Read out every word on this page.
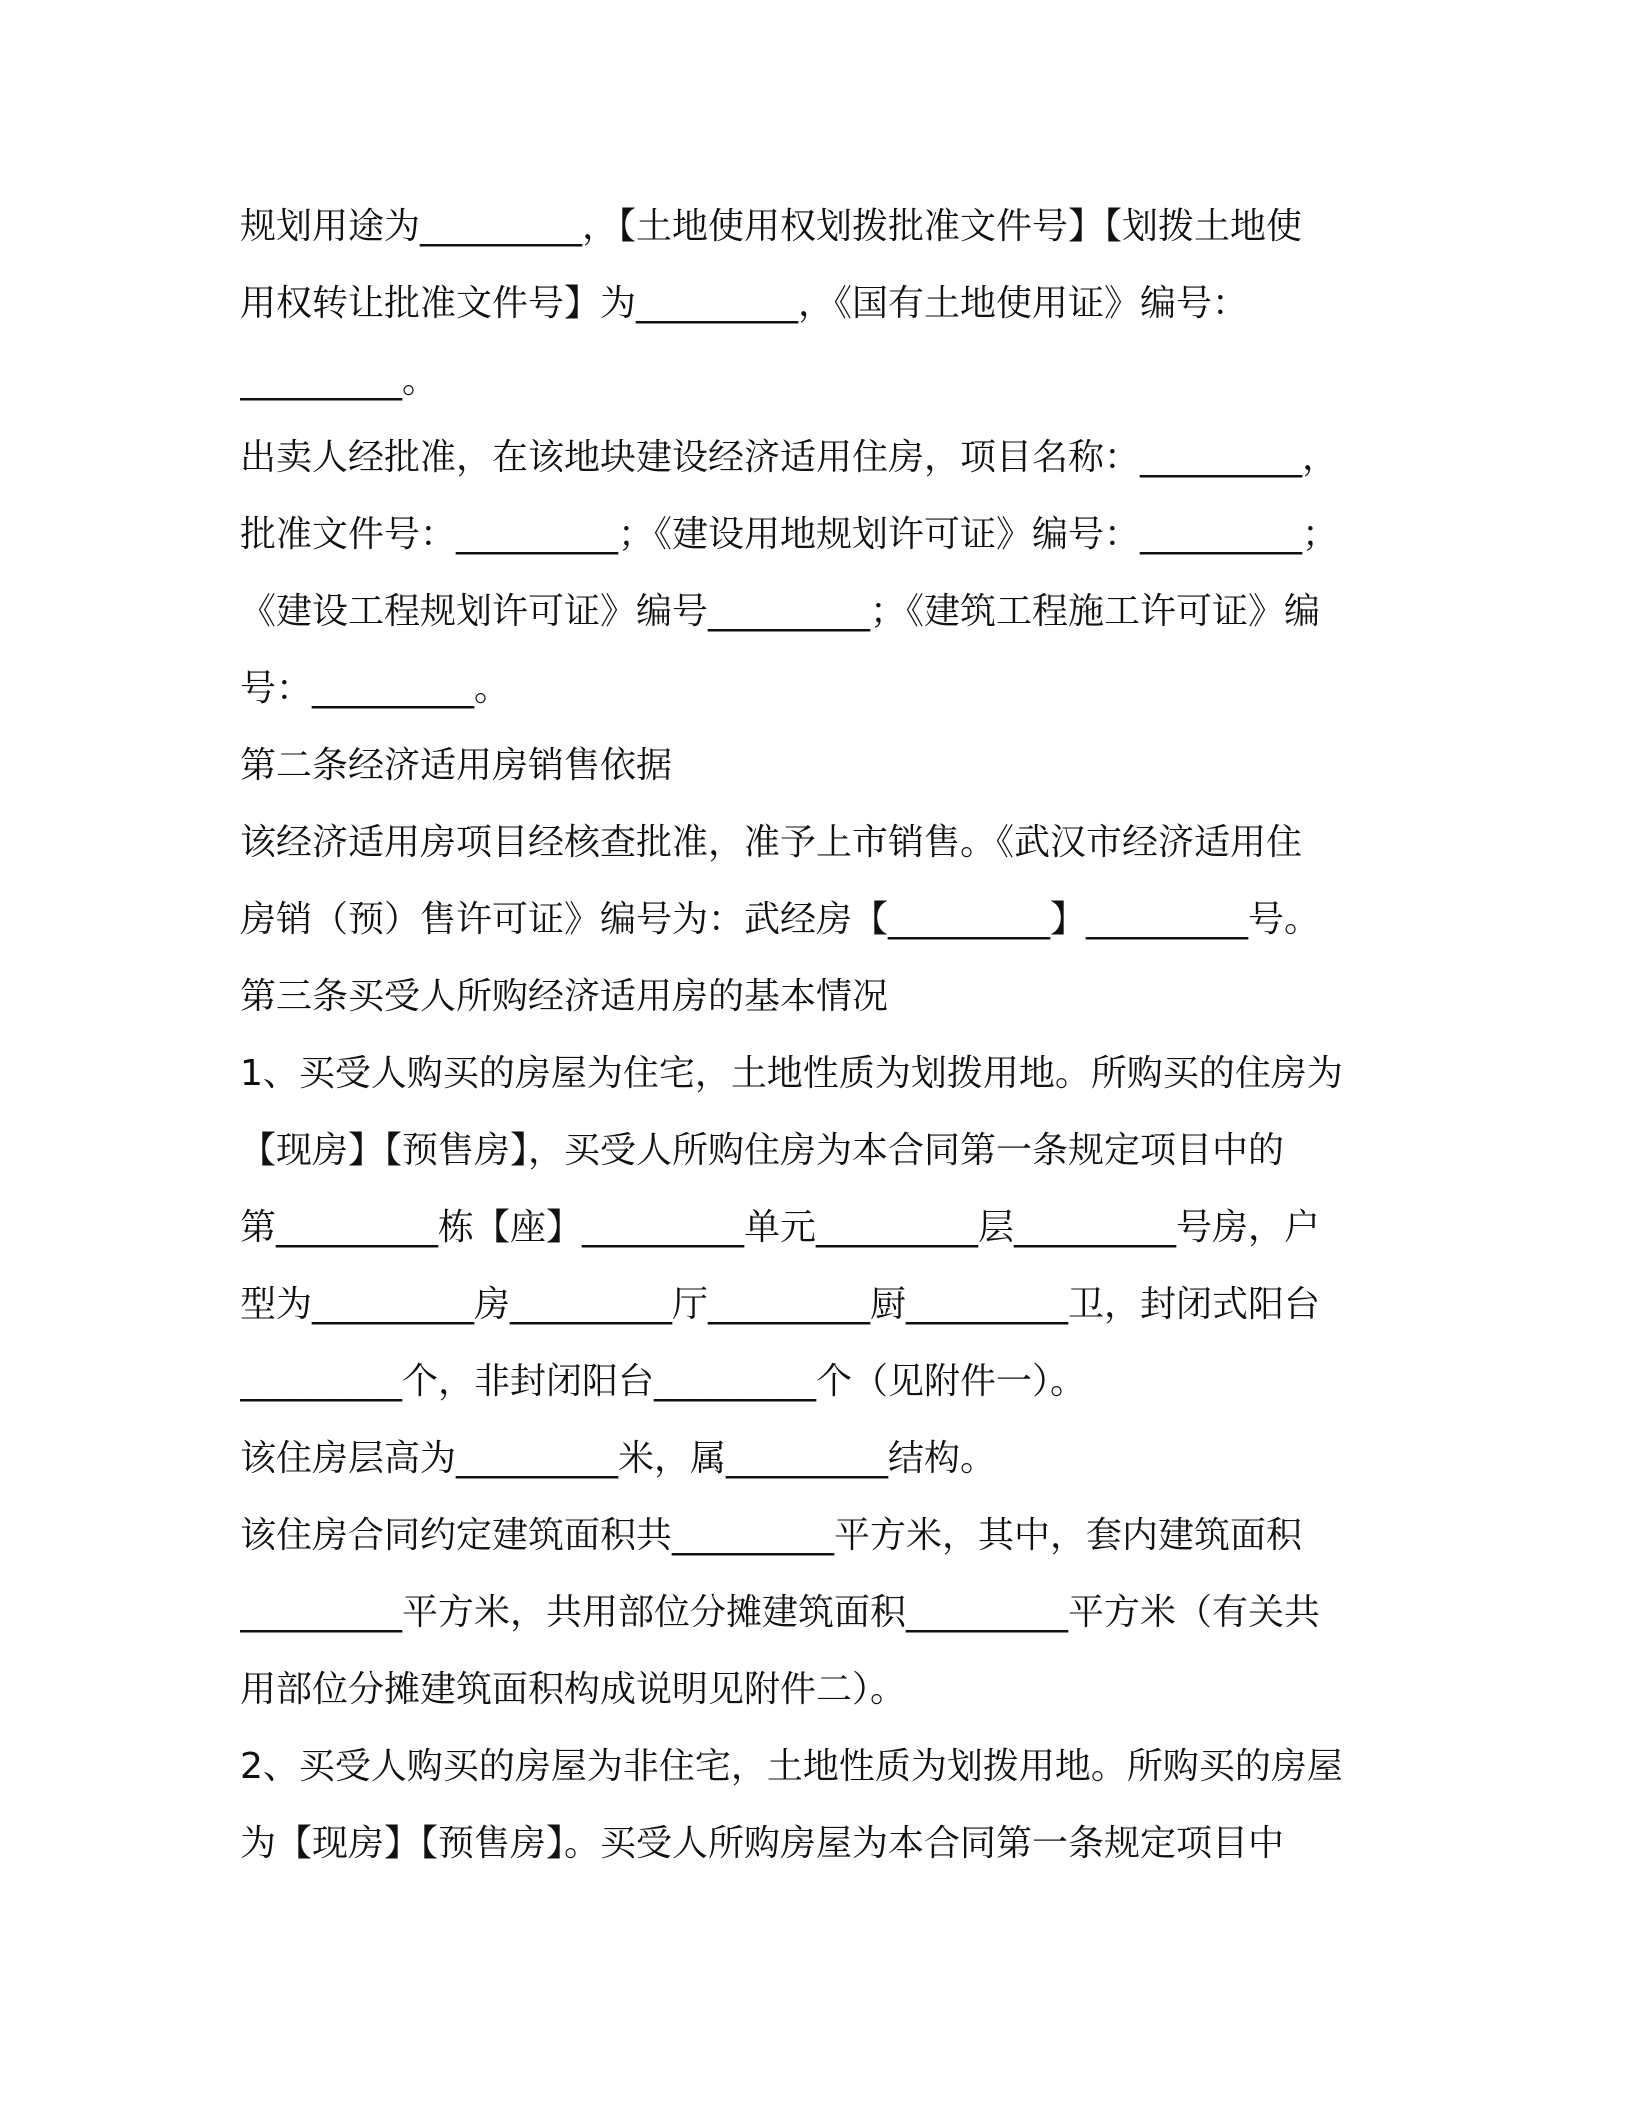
规划用途为_________，【土地使用权划拨批准文件号】【划拨土地使
用权转让批准文件号】为_________，《国有土地使用证》编号：
_________。
出卖人经批准，在该地块建设经济适用住房，项目名称：_________，
批准文件号：_________；《建设用地规划许可证》编号：_________；
《建设工程规划许可证》编号_________；《建筑工程施工许可证》编
号：_________。
第二条经济适用房销售依据
该经济适用房项目经核查批准，准予上市销售。《武汉市经济适用住
房销（预）售许可证》编号为：武经房【_________】_________号。
第三条买受人所购经济适用房的基本情况
1、买受人购买的房屋为住宅，土地性质为划拨用地。所购买的住房为
【现房】【预售房】，买受人所购住房为本合同第一条规定项目中的
第_________栋【座】_________单元_________层_________号房，户
型为_________房_________厅_________厨_________卫，封闭式阳台
_________个，非封闭阳台_________个（见附件一）。
该住房层高为_________米，属_________结构。
该住房合同约定建筑面积共_________平方米，其中，套内建筑面积
_________平方米，共用部位分摊建筑面积_________平方米（有关共
用部位分摊建筑面积构成说明见附件二）。
2、买受人购买的房屋为非住宅，土地性质为划拨用地。所购买的房屋
为【现房】【预售房】。买受人所购房屋为本合同第一条规定项目中
